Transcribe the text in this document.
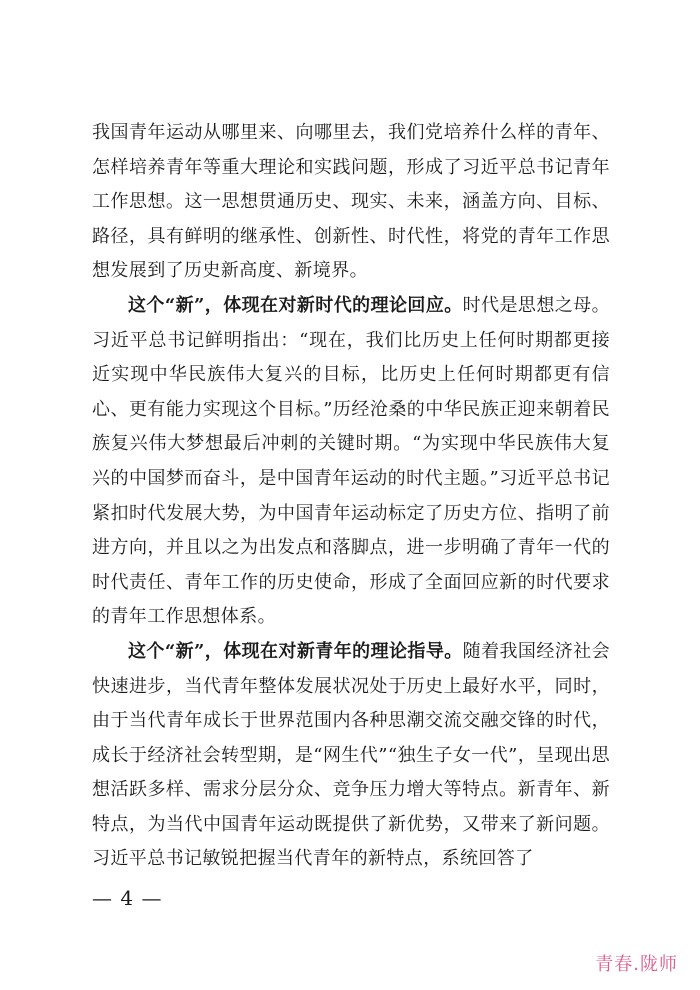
我国青年运动从哪里来、向哪里去，我们党培养什么样的青年、怎样培养青年等重大理论和实践问题，形成了习近平总书记青年工作思想。这一思想贯通历史、现实、未来，涵盖方向、目标、路径，具有鲜明的继承性、创新性、时代性，将党的青年工作思想发展到了历史新高度、新境界。

这个“新”，体现在对新时代的理论回应。时代是思想之母。习近平总书记鲜明指出：“现在，我们比历史上任何时期都更接近实现中华民族伟大复兴的目标，比历史上任何时期都更有信心、更有能力实现这个目标。”历经沧桑的中华民族正迎来朝着民族复兴伟大梦想最后冲刺的关键时期。“为实现中华民族伟大复兴的中国梦而奋斗，是中国青年运动的时代主题。”习近平总书记紧扣时代发展大势，为中国青年运动标定了历史方位、指明了前进方向，并且以之为出发点和落脚点，进一步明确了青年一代的时代责任、青年工作的历史使命，形成了全面回应新的时代要求的青年工作思想体系。

这个“新”，体现在对新青年的理论指导。随着我国经济社会快速进步，当代青年整体发展状况处于历史上最好水平，同时，由于当代青年成长于世界范围内各种思潮交流交融交锋的时代，成长于经济社会转型期，是“网生代”“独生子女一代”，呈现出思想活跃多样、需求分层分众、竞争压力增大等特点。新青年、新特点，为当代中国青年运动既提供了新优势，又带来了新问题。习近平总书记敏锐把握当代青年的新特点，系统回答了

— 4 —
青春.陇师
